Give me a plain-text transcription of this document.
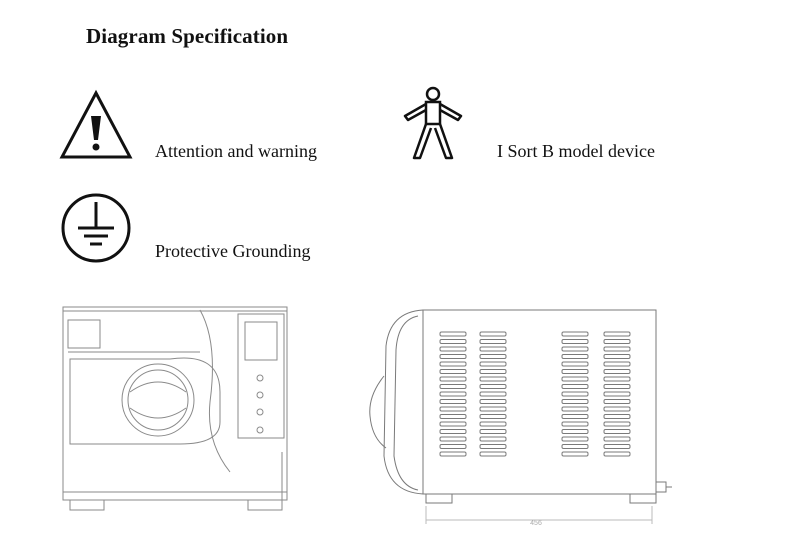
Diagram Specification
Attention and warning	I Sort B model device
Protective Grounding
456
